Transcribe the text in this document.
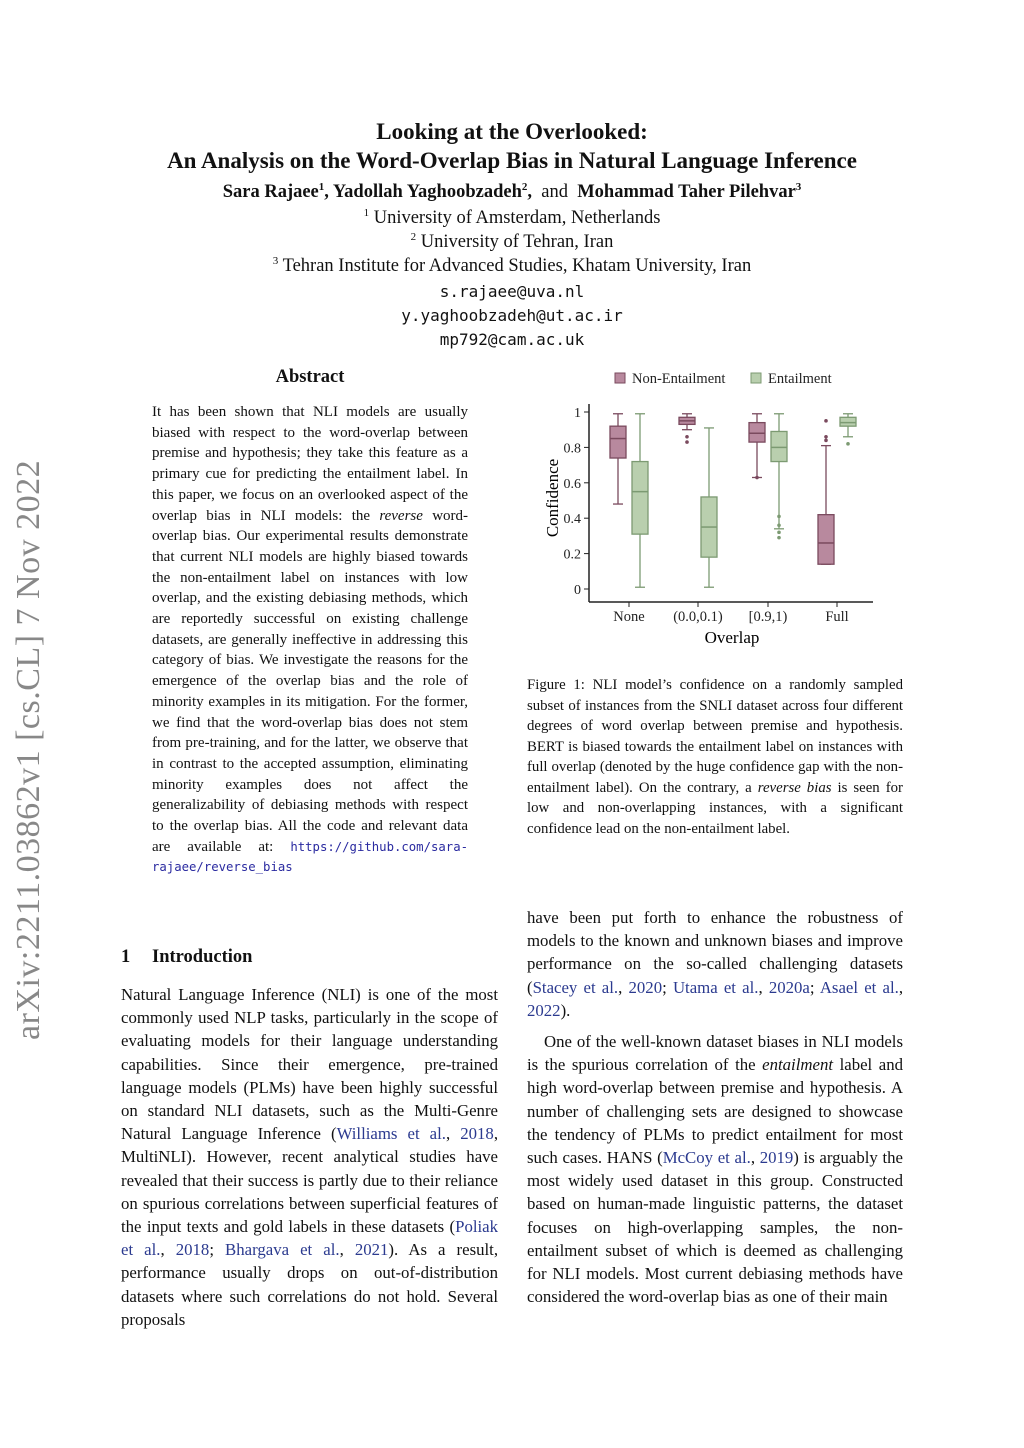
arXiv:2211.03862v1 [cs.CL] 7 Nov 2022
Looking at the Overlooked:
An Analysis on the Word-Overlap Bias in Natural Language Inference
Sara Rajaee$^1$, Yadollah Yaghoobzadeh$^2$, and Mohammad Taher Pilehvar$^3$
$^1$ University of Amsterdam, Netherlands
$^2$ University of Tehran, Iran
$^3$ Tehran Institute for Advanced Studies, Khatam University, Iran
s.rajaee@uva.nl
y.yaghoobzadeh@ut.ac.ir
mp792@cam.ac.uk
Abstract
It has been shown that NLI models are usually biased with respect to the word-overlap between premise and hypothesis; they take this feature as a primary cue for predicting the entailment label. In this paper, we focus on an overlooked aspect of the overlap bias in NLI models: the reverse word-overlap bias. Our experimental results demonstrate that current NLI models are highly biased towards the non-entailment label on instances with low overlap, and the existing debiasing methods, which are reportedly successful on existing challenge datasets, are generally ineffective in addressing this category of bias. We investigate the reasons for the emergence of the overlap bias and the role of minority examples in its mitigation. For the former, we find that the word-overlap bias does not stem from pre-training, and for the latter, we observe that in contrast to the accepted assumption, eliminating minority examples does not affect the generalizability of debiasing methods with respect to the overlap bias. All the code and relevant data are available at: https://github.com/sara-rajaee/reverse_bias
1 Introduction

Natural Language Inference (NLI) is one of the most commonly used NLP tasks, particularly in the scope of evaluating models for their language understanding capabilities. Since their emergence, pre-trained language models (PLMs) have been highly successful on standard NLI datasets, such as the Multi-Genre Natural Language Inference (Williams et al., 2018, MultiNLI). However, recent analytical studies have revealed that their success is partly due to their reliance on spurious correlations between superficial features of the input texts and gold labels in these datasets (Poliak et al., 2018; Bhargava et al., 2021). As a result, performance usually drops on out-of-distribution datasets where such correlations do not hold. Several proposals

Non-Entailment	Entailment
0
0.2
0.4
0.6
0.8
1
None (0.0,0.1) [0.9,1)	Full
Confidence
Overlap
Figure 1: NLI model’s confidence on a randomly sampled subset of instances from the SNLI dataset across four different degrees of word overlap between premise and hypothesis. BERT is biased towards the entailment label on instances with full overlap (denoted by the huge confidence gap with the non-entailment label). On the contrary, a reverse bias is seen for low and non-overlapping instances, with a significant confidence lead on the non-entailment label.

have been put forth to enhance the robustness of models to the known and unknown biases and improve performance on the so-called challenging datasets (Stacey et al., 2020; Utama et al., 2020a; Asael et al., 2022).

One of the well-known dataset biases in NLI models is the spurious correlation of the entailment label and high word-overlap between premise and hypothesis. A number of challenging sets are designed to showcase the tendency of PLMs to predict entailment for most such cases. HANS (McCoy et al., 2019) is arguably the most widely used dataset in this group. Constructed based on human-made linguistic patterns, the dataset focuses on high-overlapping samples, the non-entailment subset of which is deemed as challenging for NLI models. Most current debiasing methods have considered the word-overlap bias as one of their main
